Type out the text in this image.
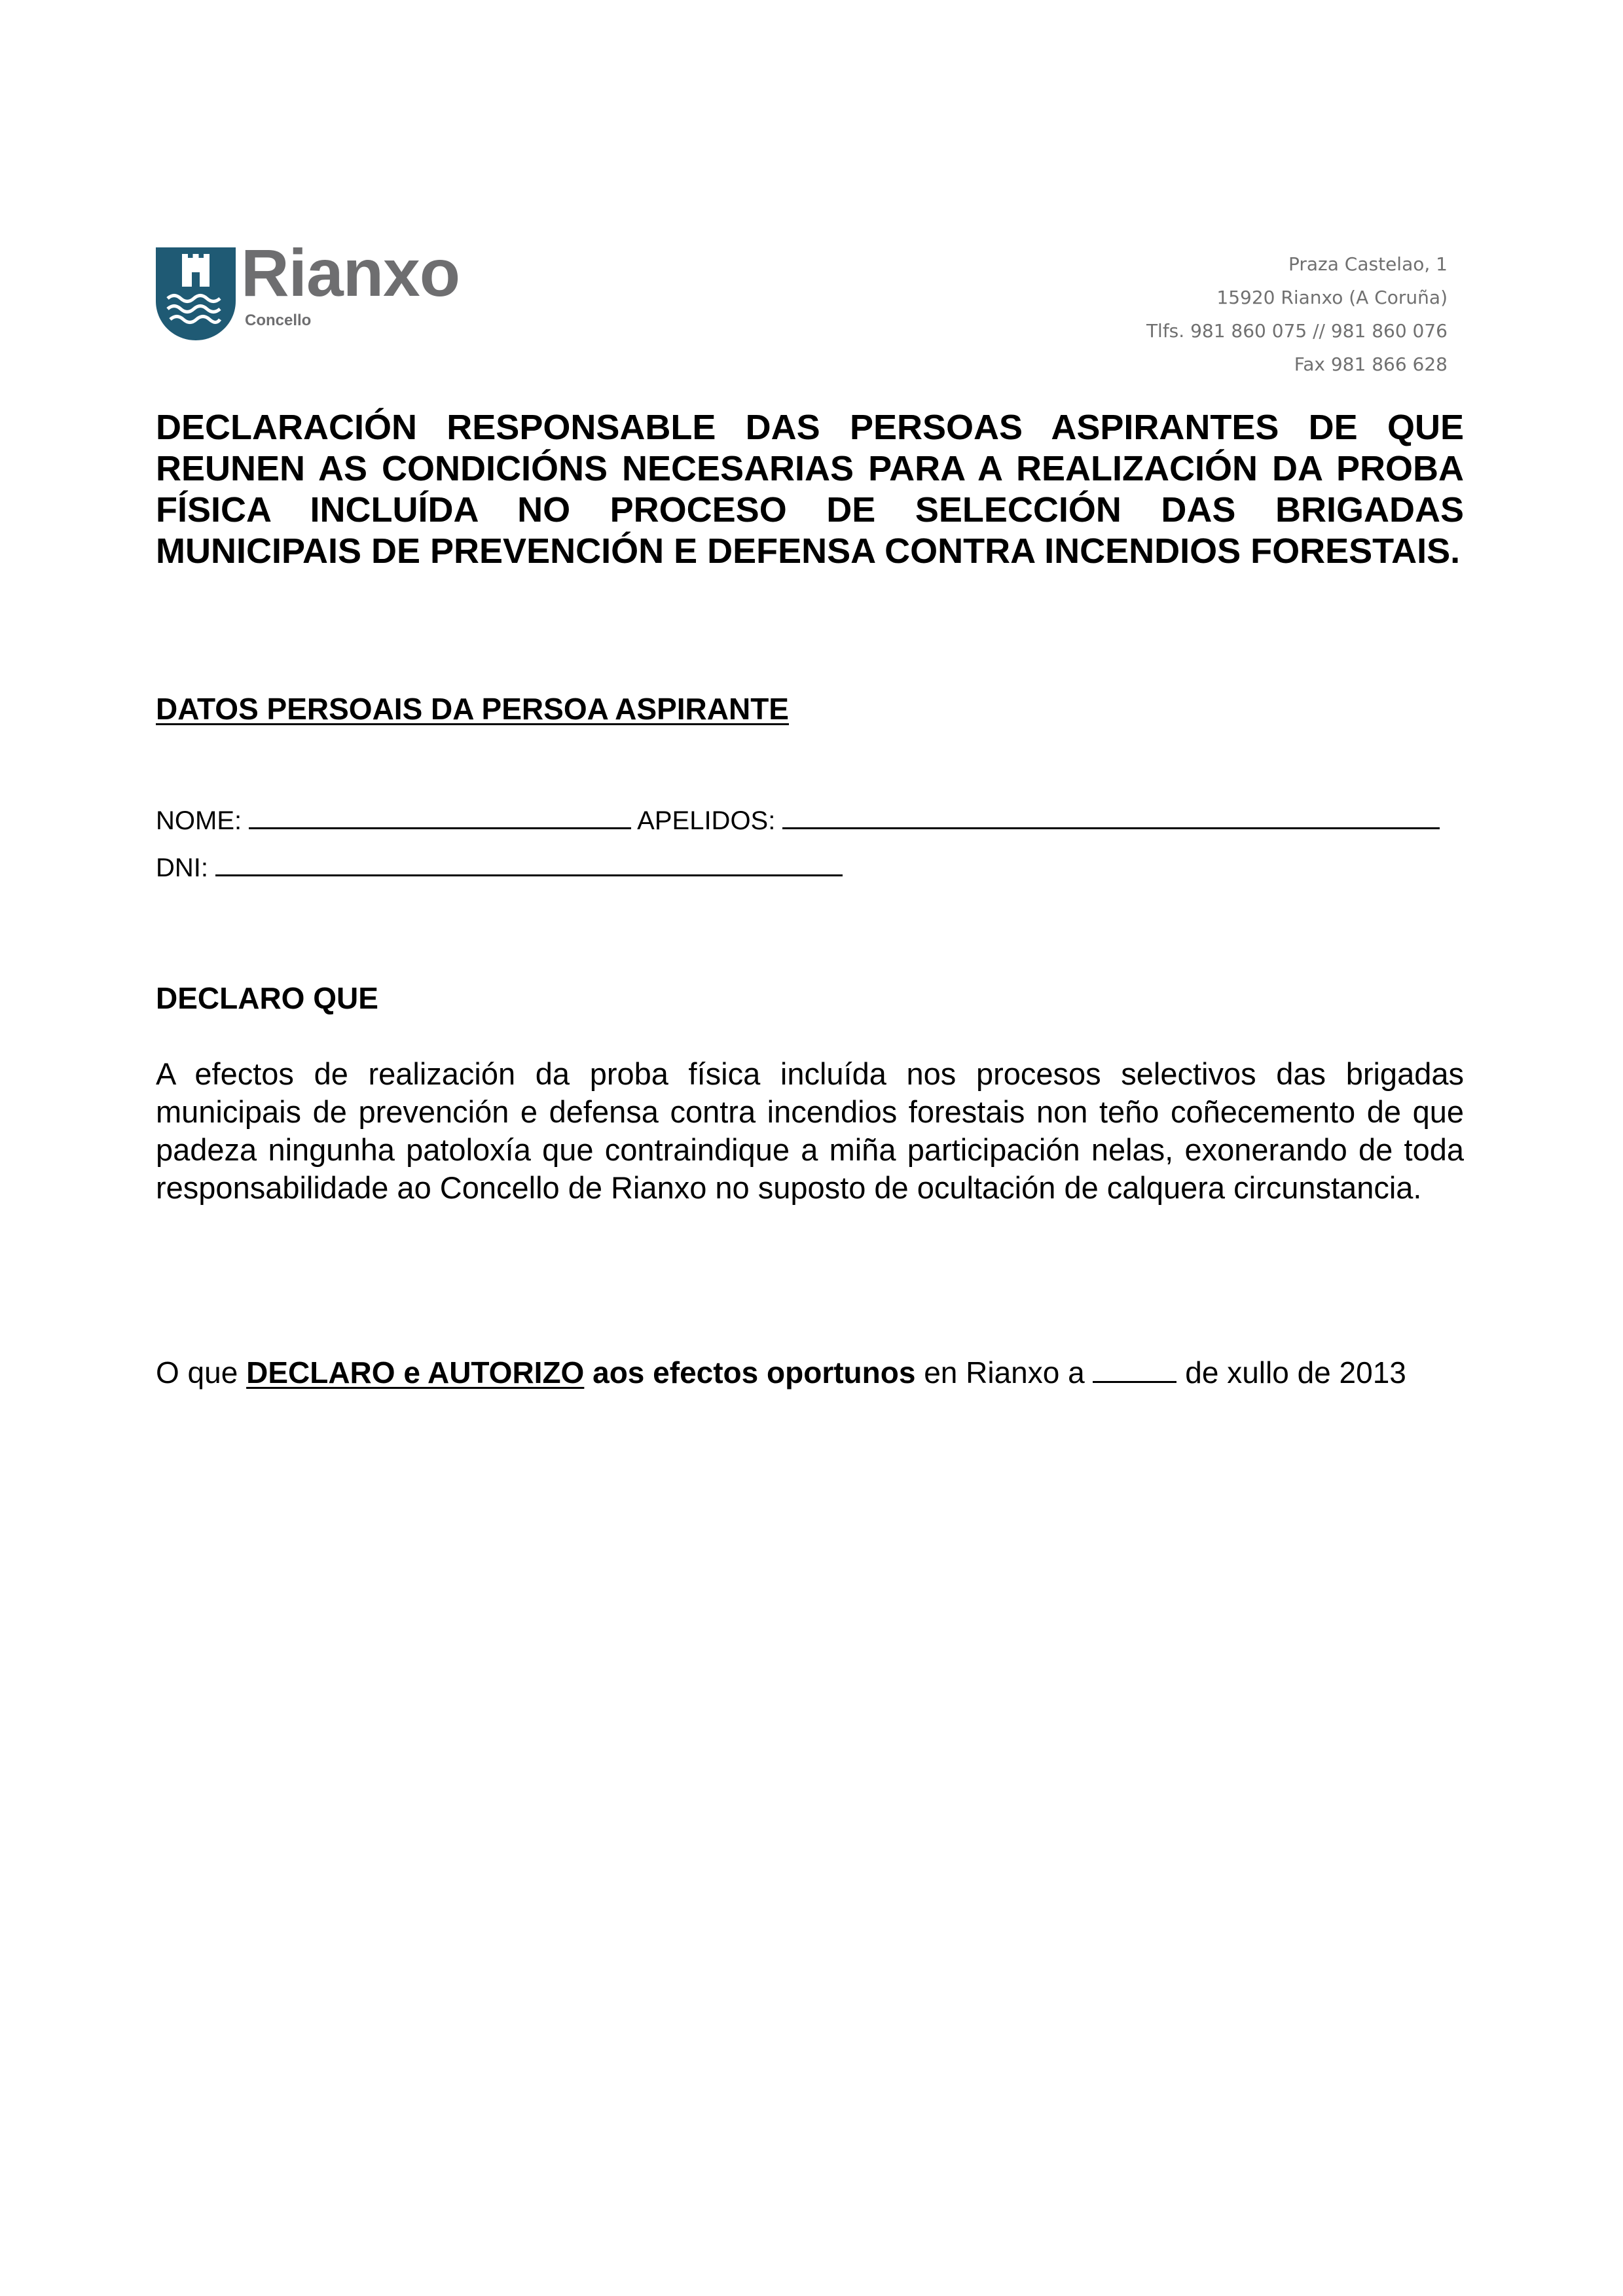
Rianxo
Concello
Praza Castelao, 1
15920 Rianxo (A Coruña)
Tlfs. 981 860 075 // 981 860 076
Fax 981 866 628
DECLARACIÓN RESPONSABLE DAS PERSOAS ASPIRANTES DE QUE REUNEN AS CONDICIÓNS NECESARIAS PARA A REALIZACIÓN DA PROBA FÍSICA INCLUÍDA NO PROCESO DE SELECCIÓN DAS BRIGADAS MUNICIPAIS DE PREVENCIÓN E DEFENSA CONTRA INCENDIOS FORESTAIS.
DATOS PERSOAIS DA PERSOA ASPIRANTE
NOME:	APELIDOS:
DNI:
DECLARO QUE

A efectos de realización da proba física incluída nos procesos selectivos das brigadas municipais de prevención e defensa contra incendios forestais non teño coñecemento de que padeza ningunha patoloxía que contraindique a miña participación nelas, exonerando de toda responsabilidade ao Concello de Rianxo no suposto de ocultación de calquera circunstancia.

O que DECLARO e AUTORIZO aos efectos oportunos en Rianxo a	de xullo de 2013
